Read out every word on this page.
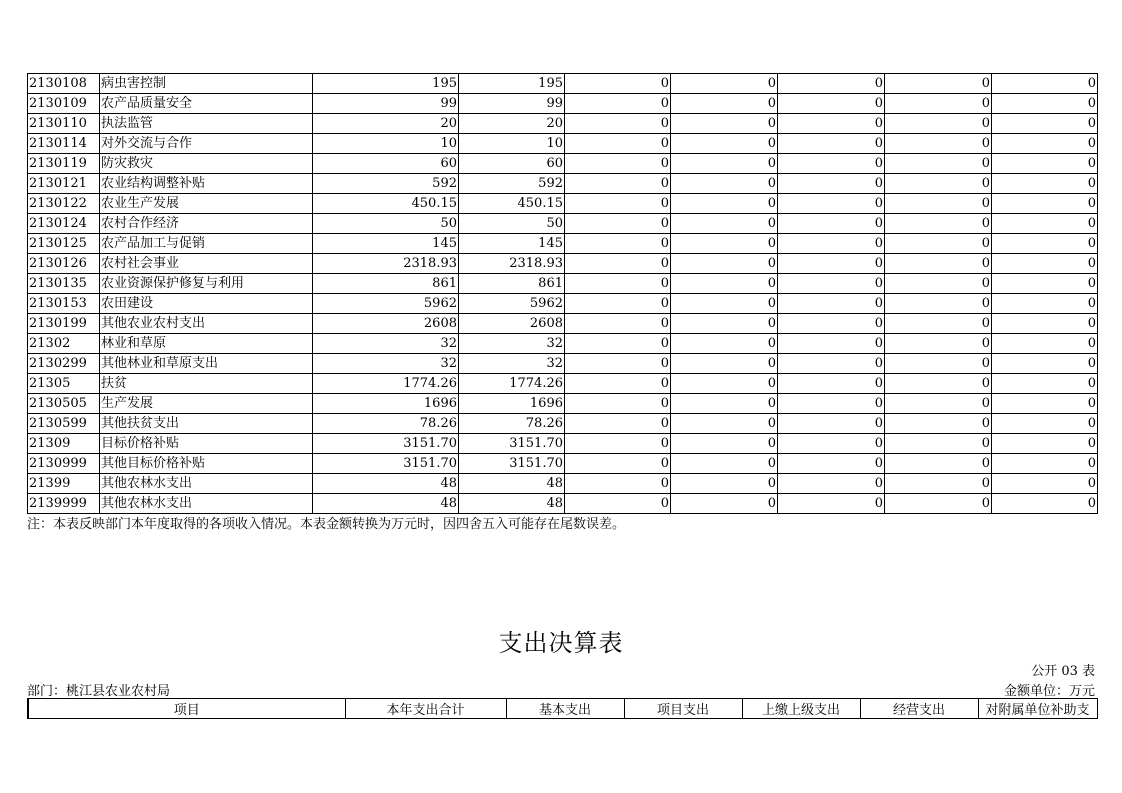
2130108	病虫害控制	195	195	0	0	0	0	0
2130109	农产品质量安全	99	99	0	0	0	0	0
2130110	执法监管	20	20	0	0	0	0	0
2130114	对外交流与合作	10	10	0	0	0	0	0
2130119	防灾救灾	60	60	0	0	0	0	0
2130121	农业结构调整补贴	592	592	0	0	0	0	0
2130122	农业生产发展	450.15	450.15	0	0	0	0	0
2130124	农村合作经济	50	50	0	0	0	0	0
2130125	农产品加工与促销	145	145	0	0	0	0	0
2130126	农村社会事业	2318.93	2318.93	0	0	0	0	0
2130135	农业资源保护修复与利用	861	861	0	0	0	0	0
2130153	农田建设	5962	5962	0	0	0	0	0
2130199	其他农业农村支出	2608	2608	0	0	0	0	0
21302	林业和草原	32	32	0	0	0	0	0
2130299	其他林业和草原支出	32	32	0	0	0	0	0
21305	扶贫	1774.26	1774.26	0	0	0	0	0
2130505	生产发展	1696	1696	0	0	0	0	0
2130599	其他扶贫支出	78.26	78.26	0	0	0	0	0
21309	目标价格补贴	3151.70	3151.70	0	0	0	0	0
2130999	其他目标价格补贴	3151.70	3151.70	0	0	0	0	0
21399	其他农林水支出	48	48	0	0	0	0	0
2139999	其他农林水支出	48	48	0	0	0	0	0
注：本表反映部门本年度取得的各项收入情况。本表金额转换为万元时，因四舍五入可能存在尾数误差。
支出决算表
公开 03 表
部门：桃江县农业农村局	金额单位：万元
项目	本年支出合计	基本支出	项目支出	上缴上级支出	经营支出	对附属单位补助支
